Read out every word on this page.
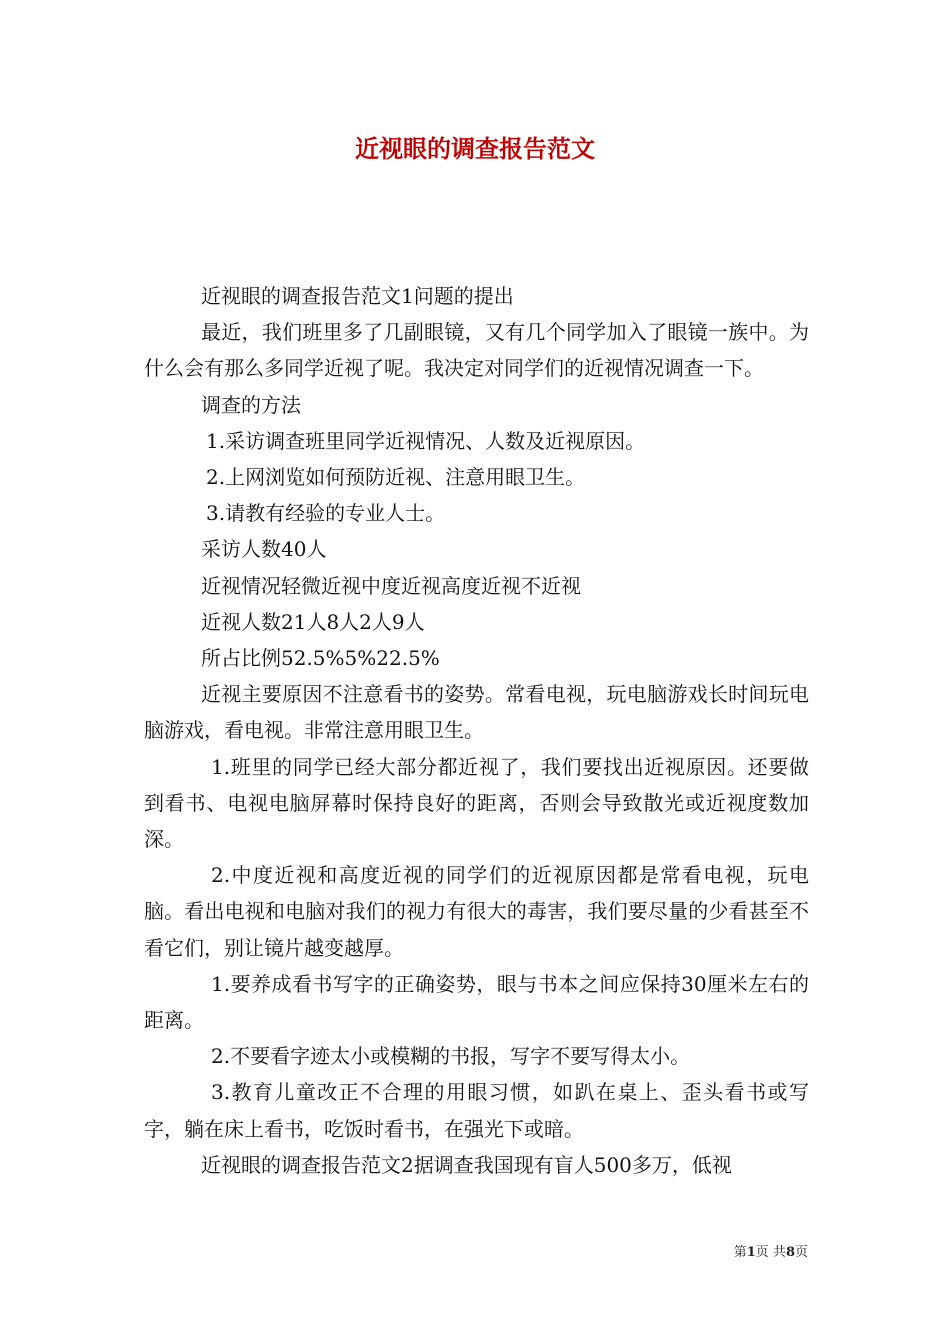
近视眼的调查报告范文

近视眼的调查报告范文1问题的提出

最近，我们班里多了几副眼镜，又有几个同学加入了眼镜一族中。为什么会有那么多同学近视了呢。我决定对同学们的近视情况调查一下。

调查的方法

1.采访调查班里同学近视情况、人数及近视原因。

2.上网浏览如何预防近视、注意用眼卫生。

3.请教有经验的专业人士。

采访人数40人

近视情况轻微近视中度近视高度近视不近视

近视人数21人8人2人9人

所占比例52.5%5%22.5%

近视主要原因不注意看书的姿势。常看电视，玩电脑游戏长时间玩电脑游戏，看电视。非常注意用眼卫生。

1.班里的同学已经大部分都近视了，我们要找出近视原因。还要做到看书、电视电脑屏幕时保持良好的距离，否则会导致散光或近视度数加深。

2.中度近视和高度近视的同学们的近视原因都是常看电视，玩电脑。看出电视和电脑对我们的视力有很大的毒害，我们要尽量的少看甚至不看它们，别让镜片越变越厚。

1.要养成看书写字的正确姿势，眼与书本之间应保持30厘米左右的距离。

2.不要看字迹太小或模糊的书报，写字不要写得太小。

3.教育儿童改正不合理的用眼习惯，如趴在桌上、歪头看书或写字，躺在床上看书，吃饭时看书，在强光下或暗。

近视眼的调查报告范文2据调查我国现有盲人500多万，低视

第1页 共8页
